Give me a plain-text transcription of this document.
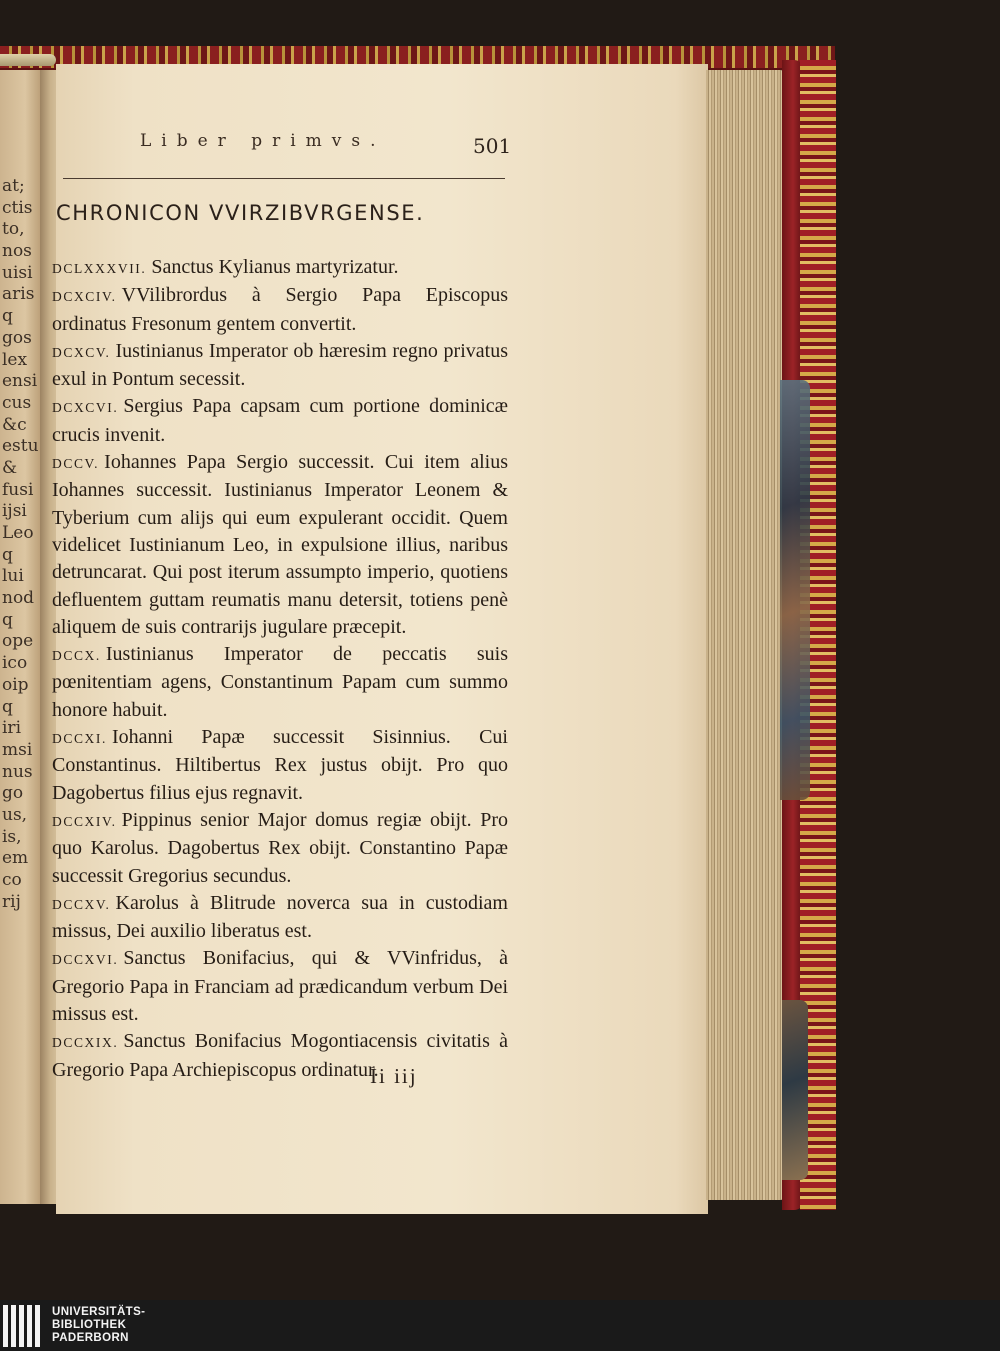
at;
ctis
to,
nos
uisi
aris
q
gos
lex
ensi
cus
&c
estu
&
fusi
ijsi
Leo
q
lui
nod
q
ope
ico
oip
q
iri
msi
nus
go
us,
is,
em
co
rij
Liber primvs.	501
CHRONICON VVIRZIBVRGENSE.

DCLXXXVII. Sanctus Kylianus martyrizatur.

DCXCIV. VVilibrordus à Sergio Papa Episcopus ordinatus Fresonum gentem convertit.

DCXCV. Iustinianus Imperator ob hæresim regno privatus exul in Pontum secessit.

DCXCVI. Sergius Papa capsam cum portione dominicæ crucis invenit.

DCCV. Iohannes Papa Sergio successit. Cui item alius Iohannes successit. Iustinianus Imperator Leonem & Tyberium cum alijs qui eum expulerant occidit. Quem videlicet Iustinianum Leo, in expulsione illius, naribus detruncarat. Qui post iterum assumpto imperio, quotiens defluentem guttam reumatis manu detersit, totiens penè aliquem de suis contrarijs jugulare præcepit.

DCCX. Iustinianus Imperator de peccatis suis pœnitentiam agens, Constantinum Papam cum summo honore habuit.

DCCXI. Iohanni Papæ successit Sisinnius. Cui Constantinus. Hiltibertus Rex justus obijt. Pro quo Dagobertus filius ejus regnavit.

DCCXIV. Pippinus senior Major domus regiæ obijt. Pro quo Karolus. Dagobertus Rex obijt. Constantino Papæ successit Gregorius secundus.

DCCXV. Karolus à Blitrude noverca sua in custodiam missus, Dei auxilio liberatus est.

DCCXVI. Sanctus Bonifacius, qui & VVinfridus, à Gregorio Papa in Franciam ad prædicandum verbum Dei missus est.

DCCXIX. Sanctus Bonifacius Mogontiacensis civitatis à Gregorio Papa Archiepiscopus ordinatur.

Ii iij
UNIVERSITÄTS-
BIBLIOTHEK
PADERBORN
